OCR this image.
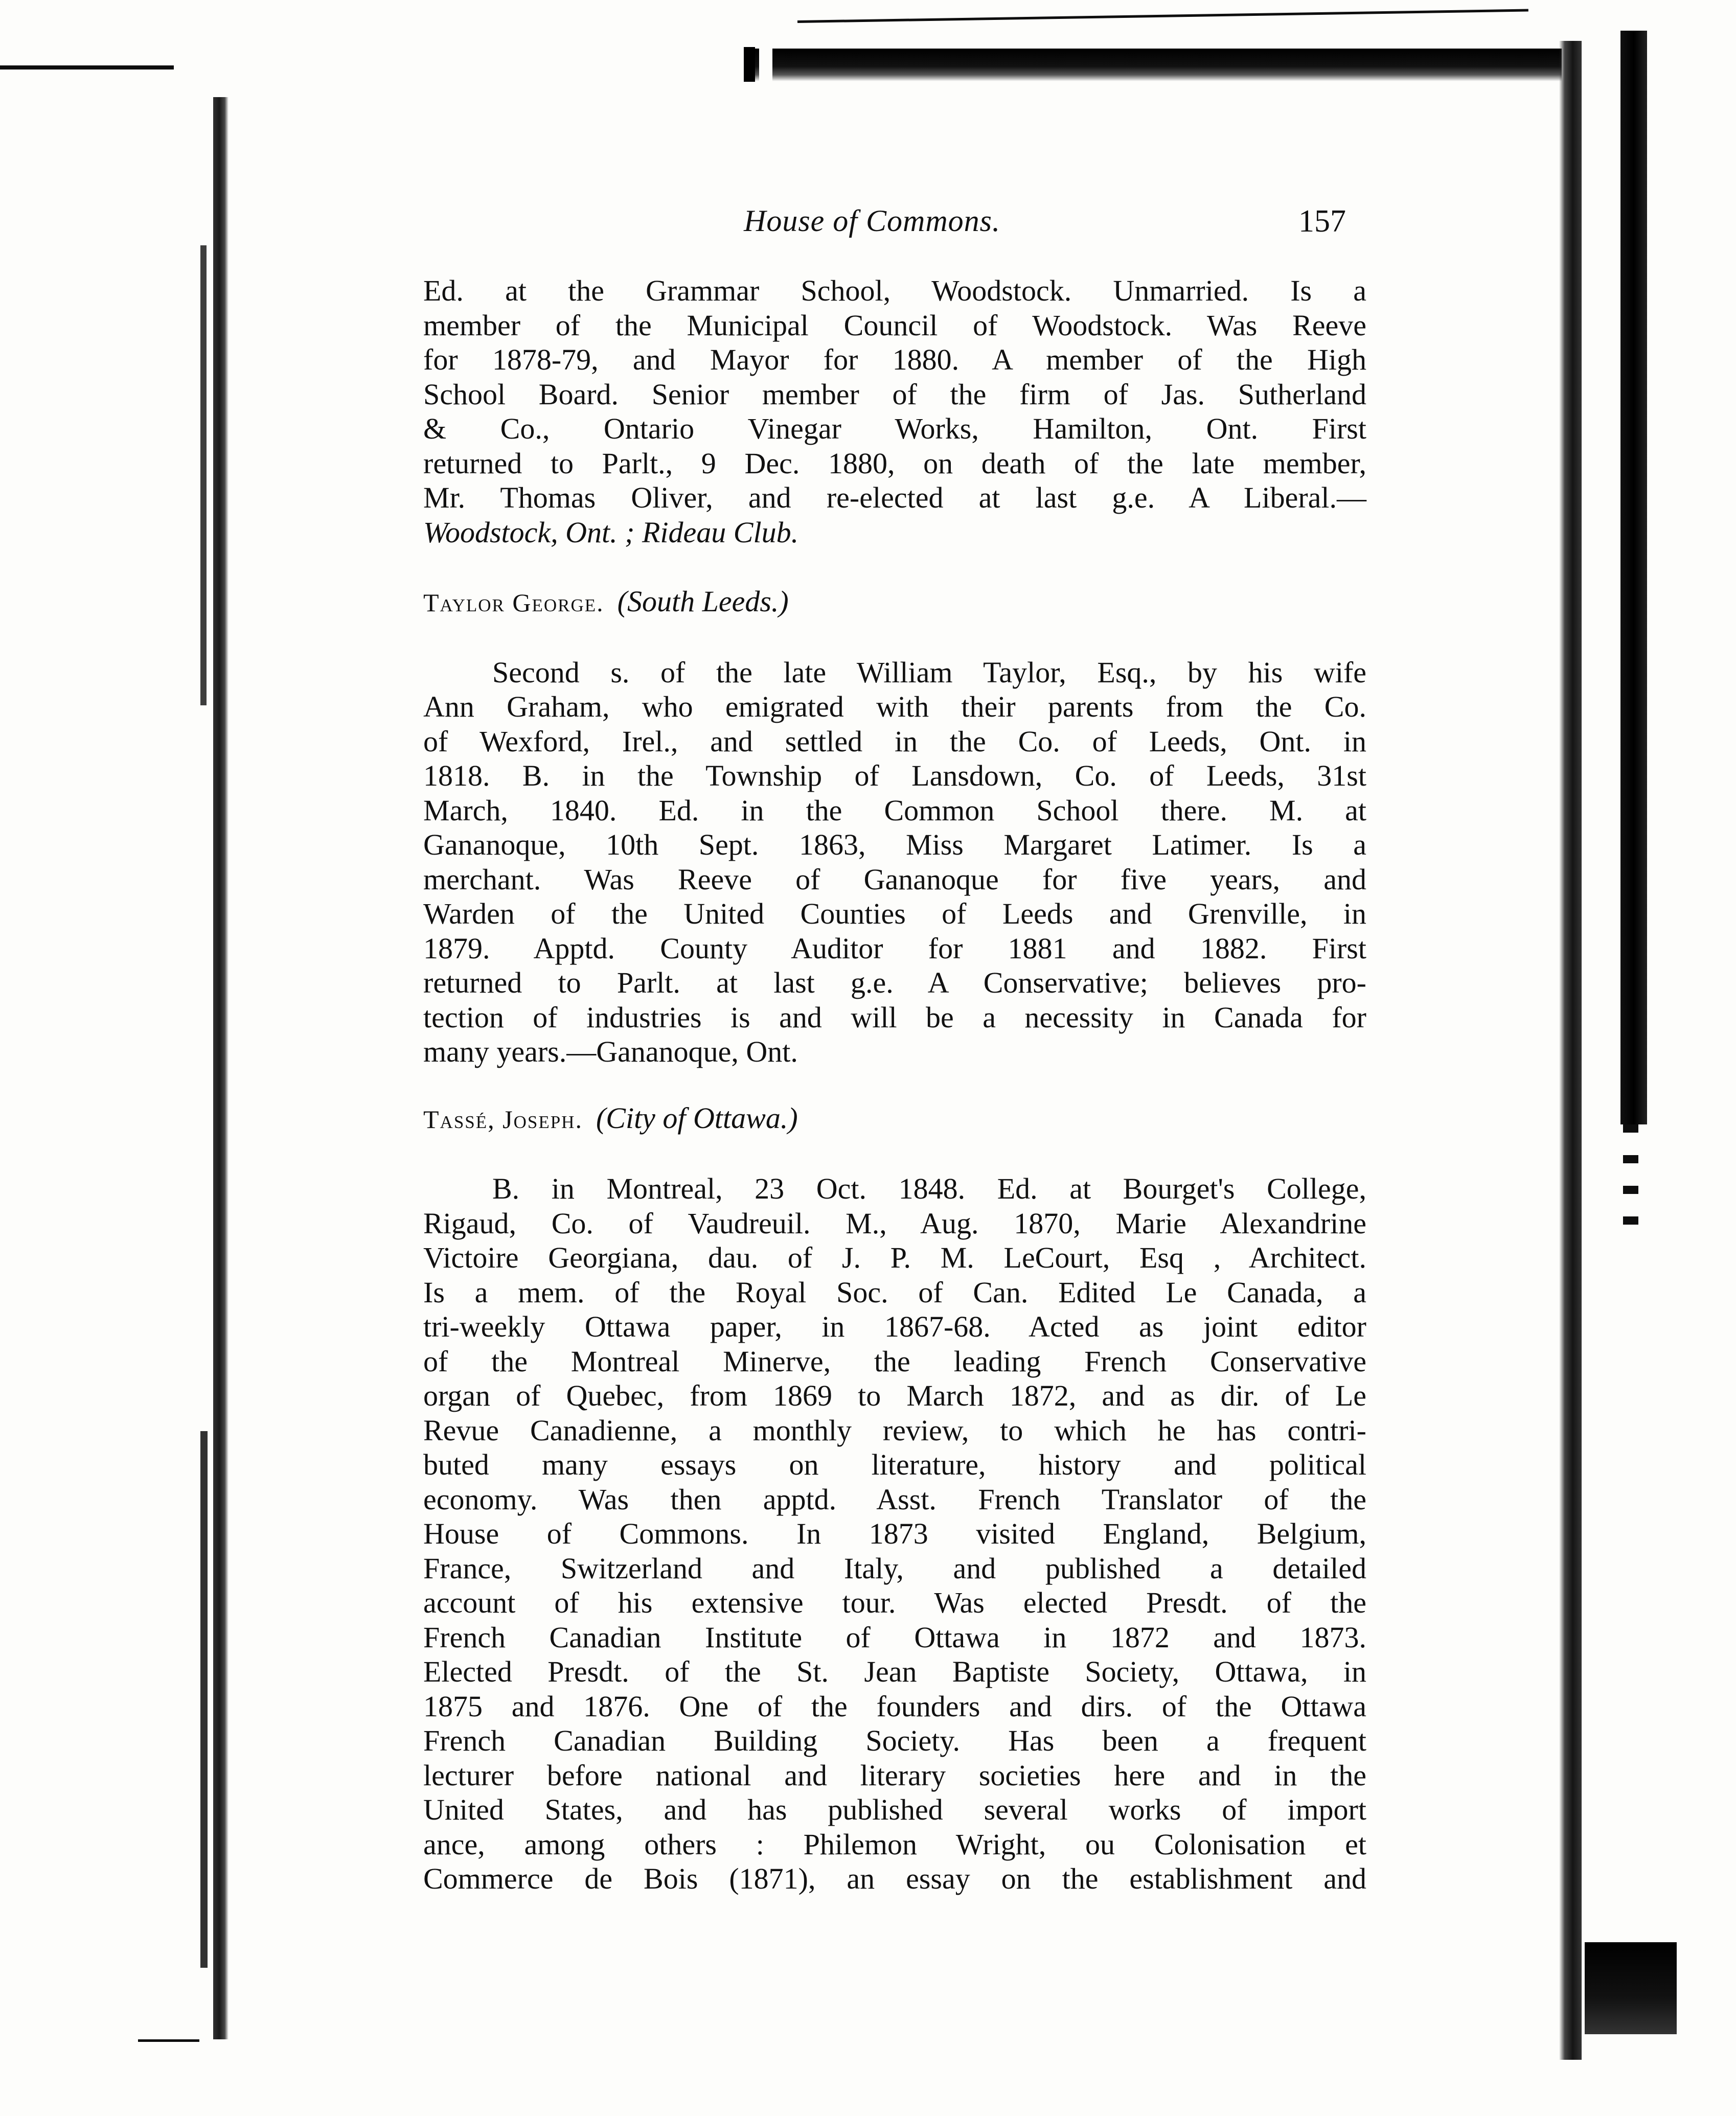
House of Commons.	157

Ed. at the Grammar School, Woodstock. Unmarried. Is a
member of the Municipal Council of Woodstock. Was Reeve
for 1878-79, and Mayor for 1880. A member of the High
School Board. Senior member of the firm of Jas. Sutherland
& Co., Ontario Vinegar Works, Hamilton, Ont. First
returned to Parlt., 9 Dec. 1880, on death of the late member,
Mr. Thomas Oliver, and re-elected at last g.e. A Liberal.—
Woodstock, Ont. ; Rideau Club.

Taylor George. (South Leeds.)

Second s. of the late William Taylor, Esq., by his wife
Ann Graham, who emigrated with their parents from the Co.
of Wexford, Irel., and settled in the Co. of Leeds, Ont. in
1818. B. in the Township of Lansdown, Co. of Leeds, 31st
March, 1840. Ed. in the Common School there. M. at
Gananoque, 10th Sept. 1863, Miss Margaret Latimer. Is a
merchant. Was Reeve of Gananoque for five years, and
Warden of the United Counties of Leeds and Grenville, in
1879. Apptd. County Auditor for 1881 and 1882. First
returned to Parlt. at last g.e. A Conservative; believes pro-
tection of industries is and will be a necessity in Canada for
many years.—Gananoque, Ont.

Tassé, Joseph. (City of Ottawa.)

B. in Montreal, 23 Oct. 1848. Ed. at Bourget's College,
Rigaud, Co. of Vaudreuil. M., Aug. 1870, Marie Alexandrine
Victoire Georgiana, dau. of J. P. M. LeCourt, Esq , Architect.
Is a mem. of the Royal Soc. of Can. Edited Le Canada, a
tri-weekly Ottawa paper, in 1867-68. Acted as joint editor
of the Montreal Minerve, the leading French Conservative
organ of Quebec, from 1869 to March 1872, and as dir. of Le
Revue Canadienne, a monthly review, to which he has contri-
buted many essays on literature, history and political
economy. Was then apptd. Asst. French Translator of the
House of Commons. In 1873 visited England, Belgium,
France, Switzerland and Italy, and published a detailed
account of his extensive tour. Was elected Presdt. of the
French Canadian Institute of Ottawa in 1872 and 1873.
Elected Presdt. of the St. Jean Baptiste Society, Ottawa, in
1875 and 1876. One of the founders and dirs. of the Ottawa
French Canadian Building Society. Has been a frequent
lecturer before national and literary societies here and in the
United States, and has published several works of import
ance, among others : Philemon Wright, ou Colonisation et
Commerce de Bois (1871), an essay on the establishment and
